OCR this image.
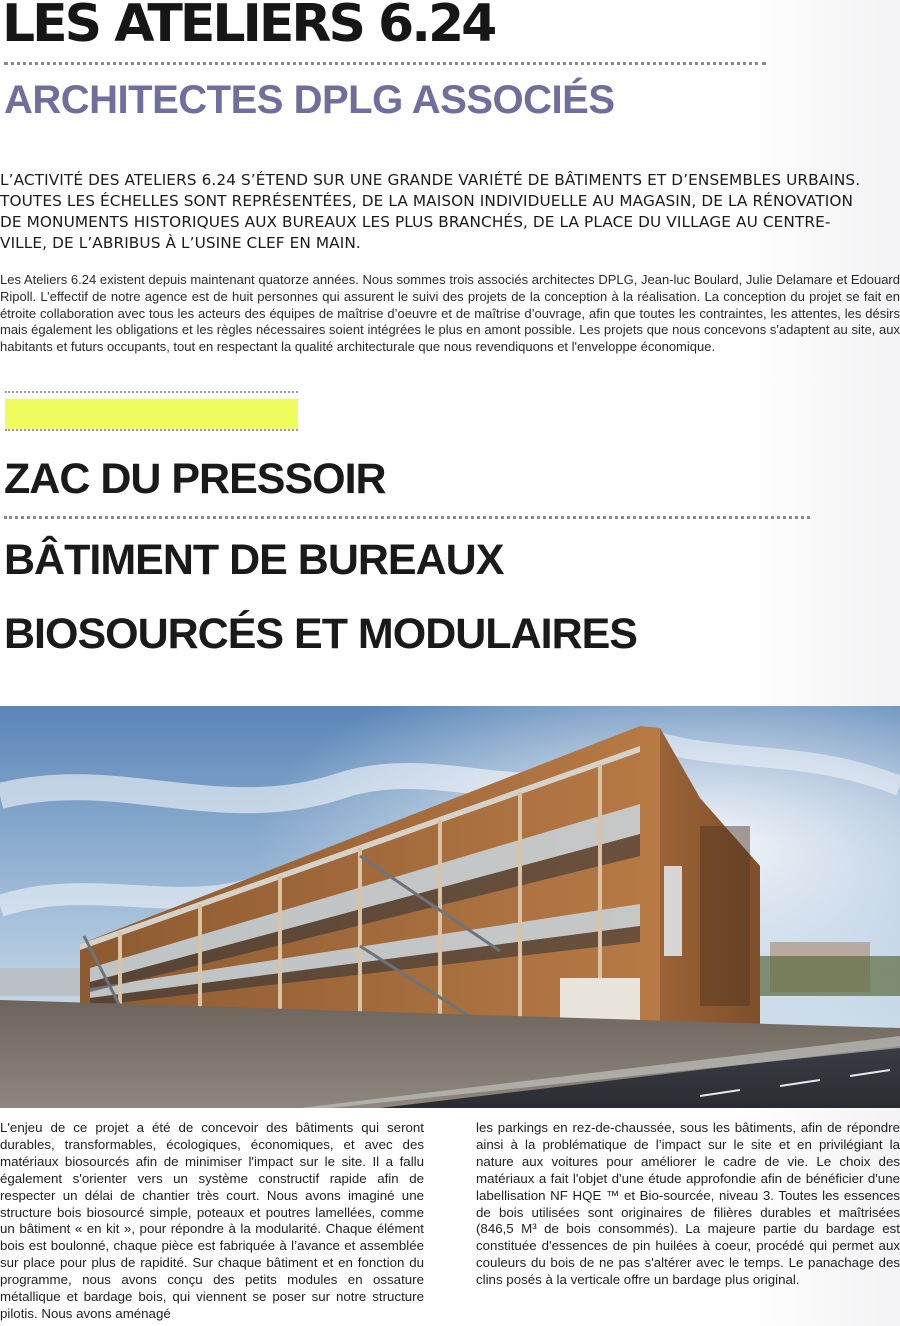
LES ATELIERS 6.24
ARCHITECTES DPLG ASSOCIÉS

L’ACTIVITÉ DES ATELIERS 6.24 S’ÉTEND SUR UNE GRANDE VARIÉTÉ DE BÂTIMENTS ET D’ENSEMBLES URBAINS. TOUTES LES ÉCHELLES SONT REPRÉSENTÉES, DE LA MAISON INDIVIDUELLE AU MAGASIN, DE LA RÉNOVATION DE MONUMENTS HISTORIQUES AUX BUREAUX LES PLUS BRANCHÉS, DE LA PLACE DU VILLAGE AU CENTRE-VILLE, DE L’ABRIBUS À L’USINE CLEF EN MAIN.

Les Ateliers 6.24 existent depuis maintenant quatorze années. Nous sommes trois associés architectes DPLG, Jean-luc Boulard, Julie Delamare et Edouard Ripoll. L’effectif de notre agence est de huit personnes qui assurent le suivi des projets de la conception à la réalisation. La conception du projet se fait en étroite collaboration avec tous les acteurs des équipes de maîtrise d’oeuvre et de maîtrise d’ouvrage, afin que toutes les contraintes, les attentes, les désirs mais également les obligations et les règles nécessaires soient intégrées le plus en amont possible. Les projets que nous concevons s'adaptent au site, aux habitants et futurs occupants, tout en respectant la qualité architecturale que nous revendiquons et l'enveloppe économique.

ZAC DU PRESSOIR
BÂTIMENT DE BUREAUX
BIOSOURCÉS ET MODULAIRES

L'enjeu de ce projet a été de concevoir des bâtiments qui seront durables, transformables, écologiques, économiques, et avec des matériaux biosourcés afin de minimiser l'impact sur le site. Il a fallu également s'orienter vers un système constructif rapide afin de respecter un délai de chantier très court. Nous avons imaginé une structure bois biosourcé simple, poteaux et poutres lamellées, comme un bâtiment « en kit », pour répondre à la modularité. Chaque élément bois est boulonné, chaque pièce est fabriquée à l’avance et assemblée sur place pour plus de rapidité. Sur chaque bâtiment et en fonction du programme, nous avons conçu des petits modules en ossature métallique et bardage bois, qui viennent se poser sur notre structure pilotis. Nous avons aménagé

les parkings en rez-de-chaussée, sous les bâtiments, afin de répondre ainsi à la problématique de l’impact sur le site et en privilégiant la nature aux voitures pour améliorer le cadre de vie. Le choix des matériaux a fait l'objet d'une étude approfondie afin de bénéficier d'une labellisation NF HQE ™ et Bio-sourcée, niveau 3. Toutes les essences de bois utilisées sont originaires de filières durables et maîtrisées (846,5 M³ de bois consommés). La majeure partie du bardage est constituée d'essences de pin huilées à coeur, procédé qui permet aux couleurs du bois de ne pas s'altérer avec le temps. Le panachage des clins posés à la verticale offre un bardage plus original.
